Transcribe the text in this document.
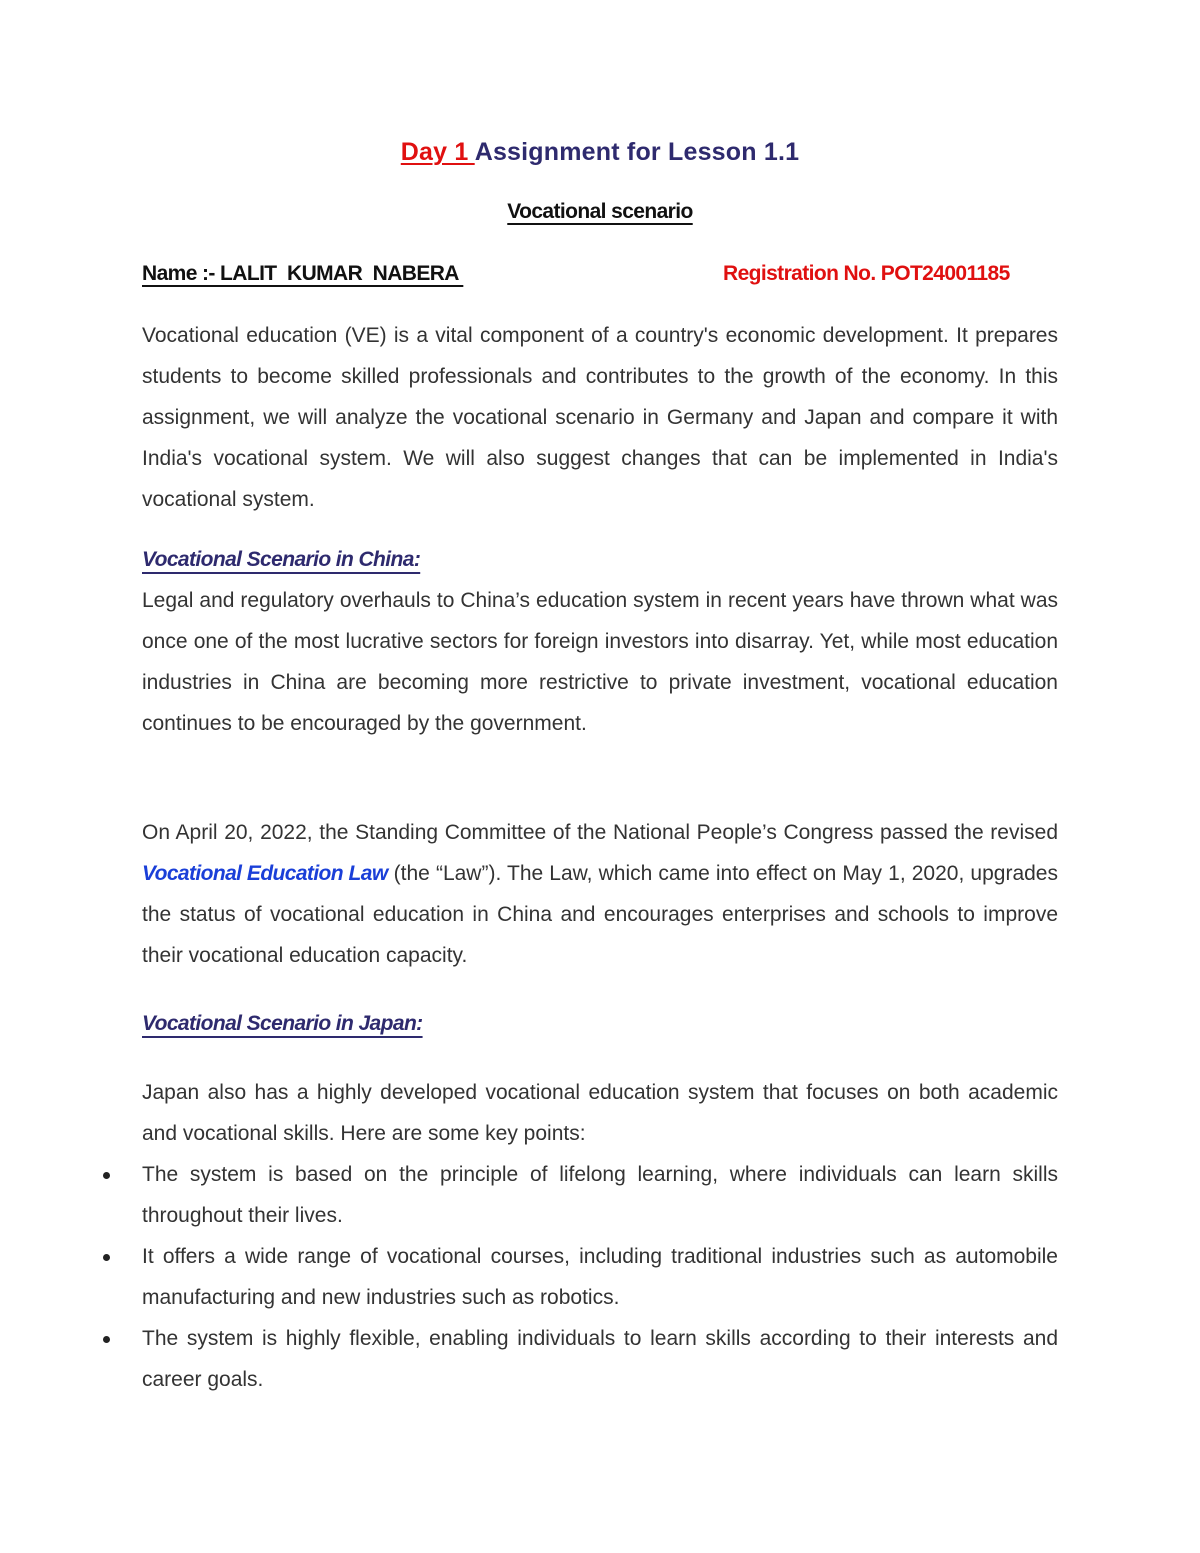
Day 1 Assignment for Lesson 1.1
Vocational scenario
Name :- LALIT  KUMAR  NABERA	Registration No. POT24001185

Vocational education (VE) is a vital component of a country's economic development. It prepares students to become skilled professionals and contributes to the growth of the economy. In this assignment, we will analyze the vocational scenario in Germany and Japan and compare it with India's vocational system. We will also suggest changes that can be implemented in India's vocational system.

Vocational Scenario in China:

Legal and regulatory overhauls to China’s education system in recent years have thrown what was once one of the most lucrative sectors for foreign investors into disarray. Yet, while most education industries in China are becoming more restrictive to private investment, vocational education continues to be encouraged by the government.

On April 20, 2022, the Standing Committee of the National People’s Congress passed the revised Vocational Education Law (the “Law”). The Law, which came into effect on May 1, 2020, upgrades the status of vocational education in China and encourages enterprises and schools to improve their vocational education capacity.

Vocational Scenario in Japan:

Japan also has a highly developed vocational education system that focuses on both academic and vocational skills. Here are some key points:

The system is based on the principle of lifelong learning, where individuals can learn skills throughout their lives.
It offers a wide range of vocational courses, including traditional industries such as automobile manufacturing and new industries such as robotics.
The system is highly flexible, enabling individuals to learn skills according to their interests and career goals.
